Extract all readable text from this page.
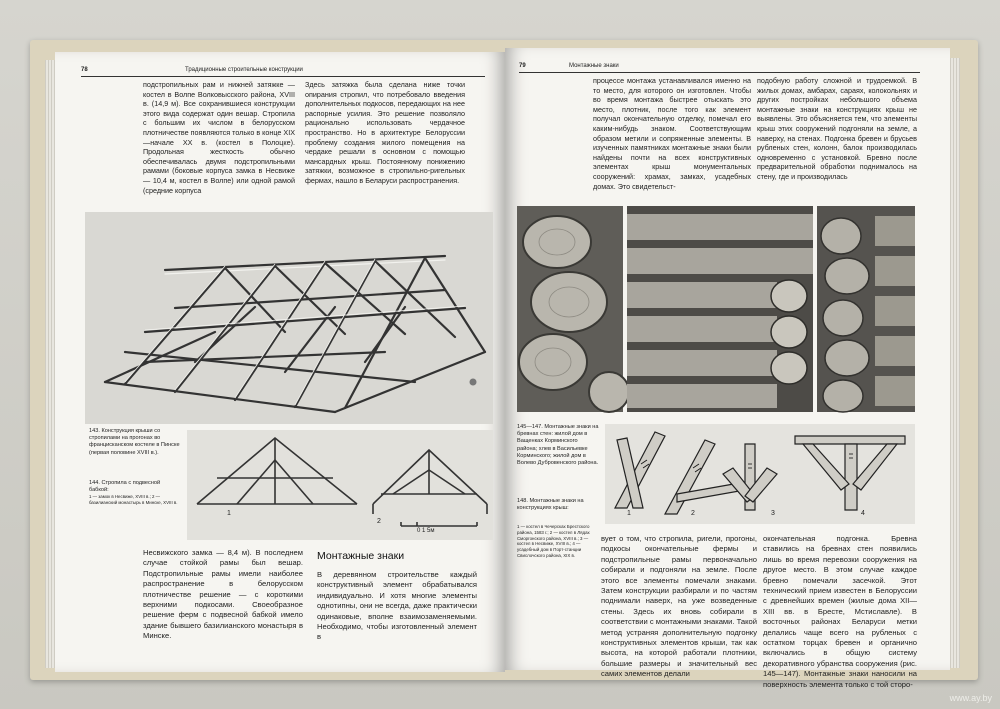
78	Традиционные строительные конструкции
подстропильных рам и нижней затяжке — костел в Волпе Волковысского района, XVIII в. (14,9 м). Все сохранившиеся конструкции этого вида содержат один вешар. Стропила с большим их числом в белорусском плотничестве появляются только в конце XIX—начале XX в. (костел в Полоцке). Продольная жесткость обычно обеспечивалась двумя подстропильными рамами (боковые корпуса замка в Несвиже — 10,4 м, костел в Волпе) или одной рамой (средние корпуса
Здесь затяжка была сделана ниже точки опирания стропил, что потребовало введения дополнительных подкосов, передающих на нее распорные усилия. Это решение позволяло рационально использовать чердачное пространство. Но в архитектуре Белоруссии проблему создания жилого помещения на чердаке решали в основном с помощью мансардных крыш. Постоянному понижению затяжки, возможное в стропильно-ригельных фермах, нашло в Беларуси распространения.
143. Конструкция крыши со стропилами на прогонах во францисканском костеле в Пинске (первая половине XVIII в.).
144. Стропила с подвесной бабкой:
1 — замок в Несвиже, XVIII в.; 2 — базилианский монастырь в Минске, XVIII в.
1
2
0 1 5м
Несвижского замка — 8,4 м). В последнем случае стойкой рамы был вешар. Подстропильные рамы имели наиболее распространение в белорусском плотничестве решение — с короткими верхними подкосами. Своеобразное решение ферм с подвесной бабкой имело здание бывшего базилианского монастыря в Минске.
Монтажные знаки
В деревянном строительстве каждый конструктивный элемент обрабатывался индивидуально. И хотя многие элементы однотипны, они не всегда, даже практически одинаковые, вполне взаимозаменяемыми. Необходимо, чтобы изготовленный элемент в
79	Монтажные знаки
процессе монтажа устанавливался именно на то место, для которого он изготовлен. Чтобы во время монтажа быстрее отыскать это место, плотник, после того как элемент получал окончательную отделку, помечал его каким-нибудь знаком. Соответствующим образом метили и сопряженные элементы. В изученных памятниках монтажные знаки были найдены почти на всех конструктивных элементах крыш монументальных сооружений: храмах, замках, усадебных домах. Это свидетельст-
подобную работу сложной и трудоемкой. В жилых домах, амбарах, сараях, колокольнях и других постройках небольшого объема монтажные знаки на конструкциях крыш не выявлены. Это объясняется тем, что элементы крыш этих сооружений подгоняли на земле, а наверху, на стенах. Подгонка бревен и брусьев рубленых стен, колонн, балок производилась одновременно с установкой. Бревно после предварительной обработки поднималось на стену, где и производилась
145—147. Монтажные знаки на бревнах стен: жилой дом в Ващенках Корминского района; хлев в Васильевке Корминского; жилой дом в Волево Дубровенского района.
148. Монтажные знаки на конструкциях крыш:
1 — костел в Чечерсках Брестского района, 1583 г.; 2 — костел в Лядах Сморгонского района, XVIII в.; 3 — костел в Несвиже, XVIII в.; 4 — усадебный дом в Порт-станции Свислочского района, XIX в.
1	2	3	4
вует о том, что стропила, ригели, прогоны, подкосы окончательные фермы и подстропильные рамы первоначально собирали и подгоняли на земле. После этого все элементы помечали знаками. Затем конструкции разбирали и по частям поднимали наверх, на уже возведенные стены. Здесь их вновь собирали в соответствии с монтажными знаками. Такой метод устраняя дополнительную подгонку конструктивных элементов крыши, так как высота, на которой работали плотники, большие размеры и значительный вес самих элементов делали
окончательная подгонка. Бревна ставились на бревнах стен появились лишь во время перевозки сооружения на другое место. В этом случае каждое бревно помечали засечкой. Этот технический прием известен в Белоруссии с древнейших времен (жилые дома XII—XIII вв. в Бресте, Мстиславле). В восточных районах Беларуси метки делались чаще всего на рубленых с остатком торцах бревен и органично включались в общую систему декоративного убранства сооружения (рис. 145—147). Монтажные знаки наносили на поверхность элемента только с той сторо-
www.ay.by
